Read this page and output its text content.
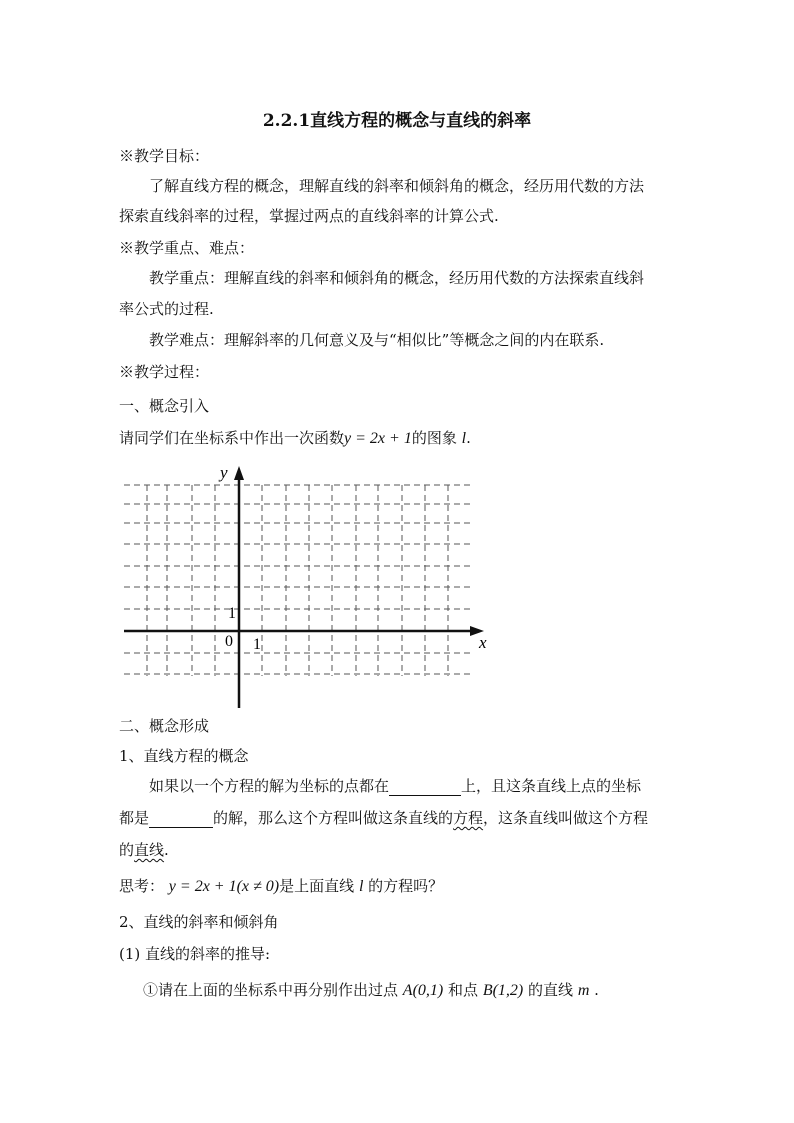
2.2.1直线方程的概念与直线的斜率
※教学目标：
了解直线方程的概念，理解直线的斜率和倾斜角的概念，经历用代数的方法
探索直线斜率的过程，掌握过两点的直线斜率的计算公式.
※教学重点、难点：
教学重点：理解直线的斜率和倾斜角的概念，经历用代数的方法探索直线斜
率公式的过程.
教学难点：理解斜率的几何意义及与“相似比”等概念之间的内在联系.
※教学过程：
一、概念引入
请同学们在坐标系中作出一次函数y = 2x + 1的图象 l.
y
x
0 1
1
二、概念形成
1、直线方程的概念
如果以一个方程的解为坐标的点都在	上，且这条直线上点的坐标
都是	的解，那么这个方程叫做这条直线的方程，这条直线叫做这个方程
的直线.
思考： y = 2x + 1(x ≠ 0)是上面直线 l 的方程吗？
2、直线的斜率和倾斜角
(1) 直线的斜率的推导:
①请在上面的坐标系中再分别作出过点 A(0,1) 和点 B(1,2) 的直线 m .
